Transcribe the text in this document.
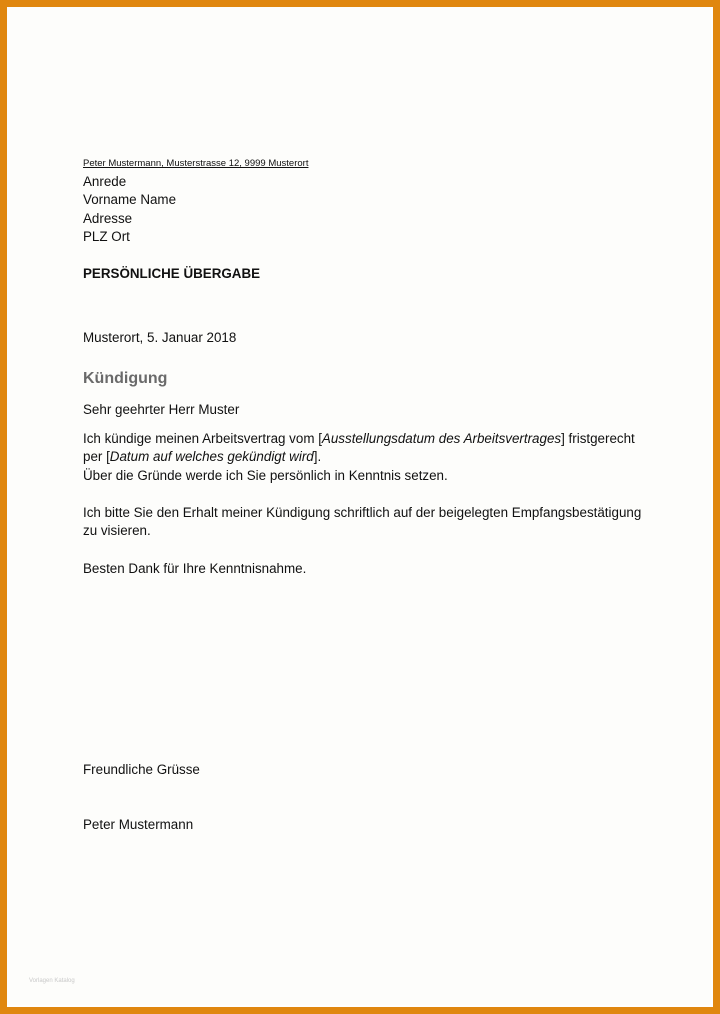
Peter Mustermann, Musterstrasse 12, 9999 Musterort
Anrede
Vorname Name
Adresse
PLZ Ort
PERSÖNLICHE ÜBERGABE
Musterort, 5. Januar 2018
Kündigung
Sehr geehrter Herr Muster
Ich kündige meinen Arbeitsvertrag vom [Ausstellungsdatum des Arbeitsvertrages] fristgerecht
per [Datum auf welches gekündigt wird].
Über die Gründe werde ich Sie persönlich in Kenntnis setzen.
Ich bitte Sie den Erhalt meiner Kündigung schriftlich auf der beigelegten Empfangsbestätigung
zu visieren.
Besten Dank für Ihre Kenntnisnahme.
Freundliche Grüsse
Peter Mustermann
Vorlagen Katalog
